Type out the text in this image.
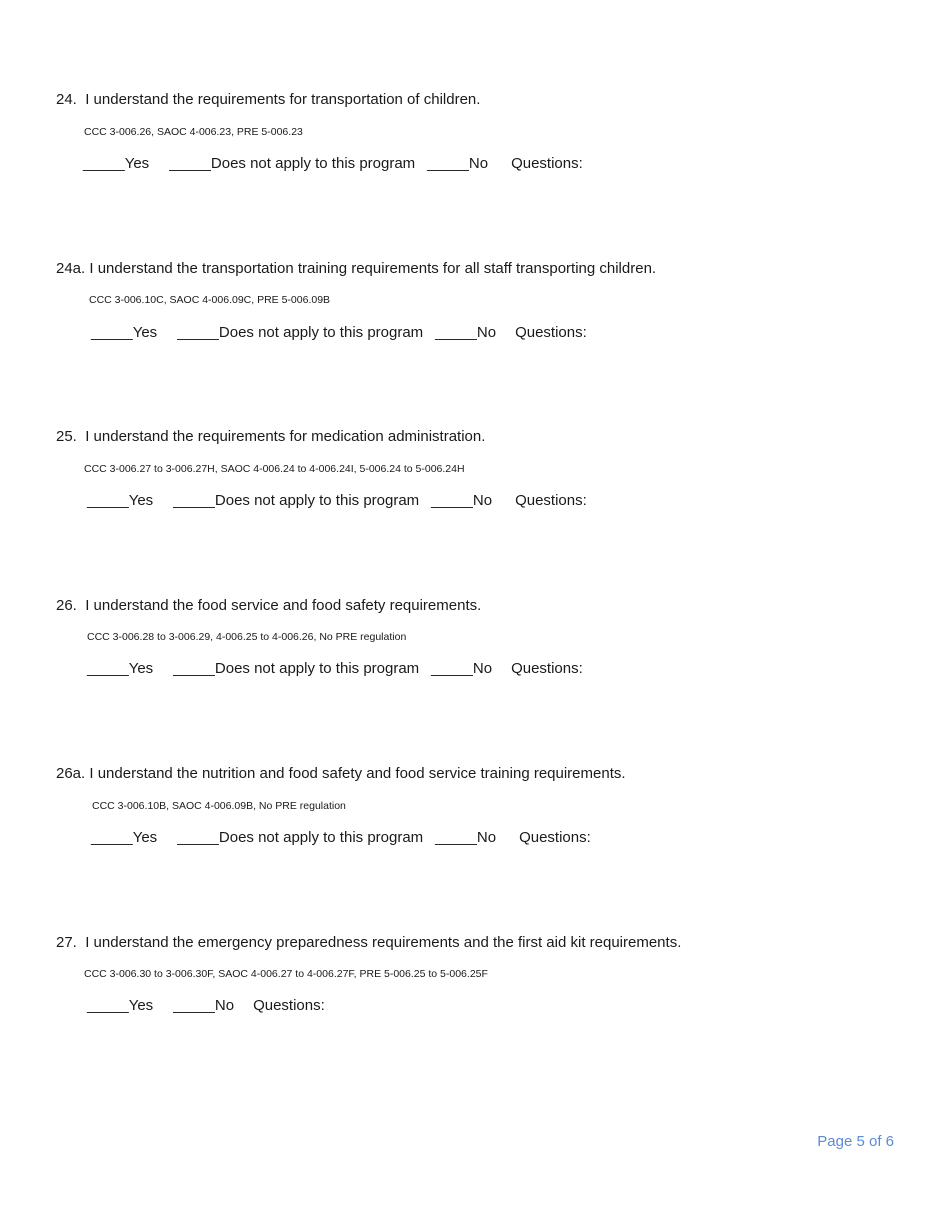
24. I understand the requirements for transportation of children.
CCC 3-006.26, SAOC 4-006.23, PRE 5-006.23
_____Yes _____Does not apply to this program _____No Questions:
24a. I understand the transportation training requirements for all staff transporting children.
CCC 3-006.10C, SAOC 4-006.09C, PRE 5-006.09B
_____Yes _____Does not apply to this program _____No Questions:
25. I understand the requirements for medication administration.
CCC 3-006.27 to 3-006.27H, SAOC 4-006.24 to 4-006.24I, 5-006.24 to 5-006.24H
_____Yes _____Does not apply to this program _____No Questions:
26. I understand the food service and food safety requirements.
CCC 3-006.28 to 3-006.29, 4-006.25 to 4-006.26, No PRE regulation
_____Yes _____Does not apply to this program _____No Questions:
26a. I understand the nutrition and food safety and food service training requirements.
CCC 3-006.10B, SAOC 4-006.09B, No PRE regulation
_____Yes _____Does not apply to this program _____No Questions:
27. I understand the emergency preparedness requirements and the first aid kit requirements.
CCC 3-006.30 to 3-006.30F, SAOC 4-006.27 to 4-006.27F, PRE 5-006.25 to 5-006.25F
_____Yes _____No Questions:
Page 5 of 6
